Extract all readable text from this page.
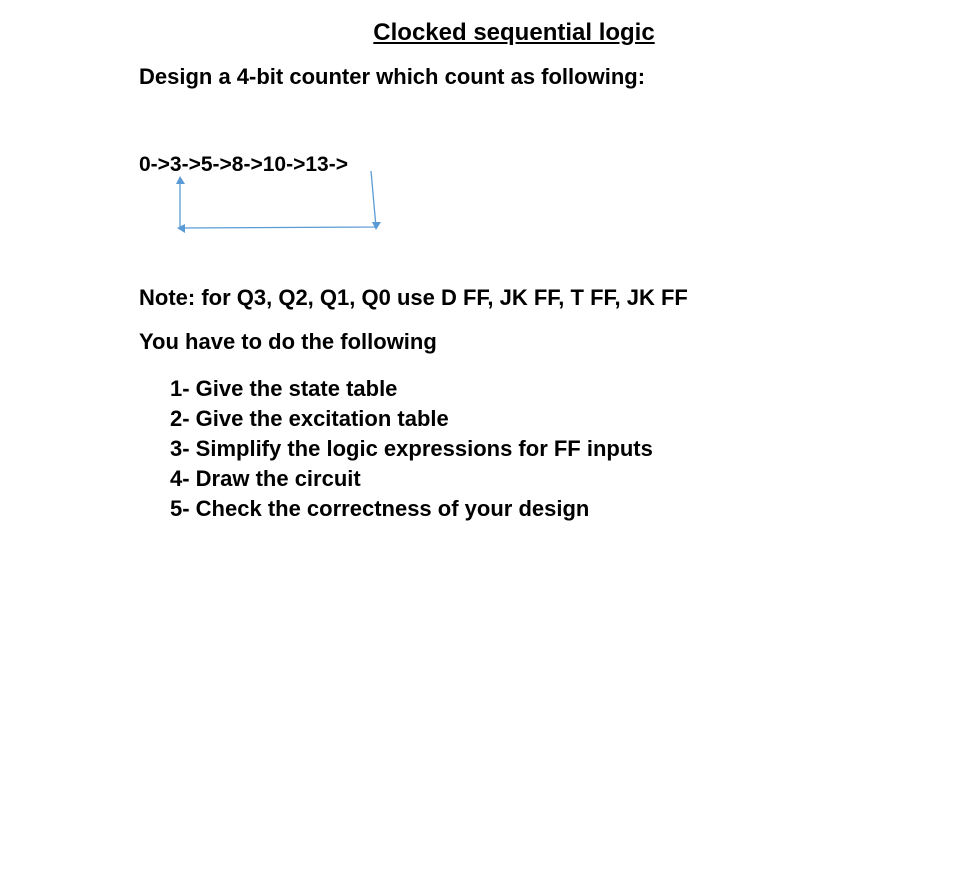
Clocked sequential logic
Design a 4-bit counter which count as following:
0->3->5->8->10->13->
Note: for Q3, Q2, Q1, Q0 use D FF, JK FF, T FF, JK FF
You have to do the following
1- Give the state table
2- Give the excitation table
3- Simplify the logic expressions for FF inputs
4- Draw the circuit
5- Check the correctness of your design
